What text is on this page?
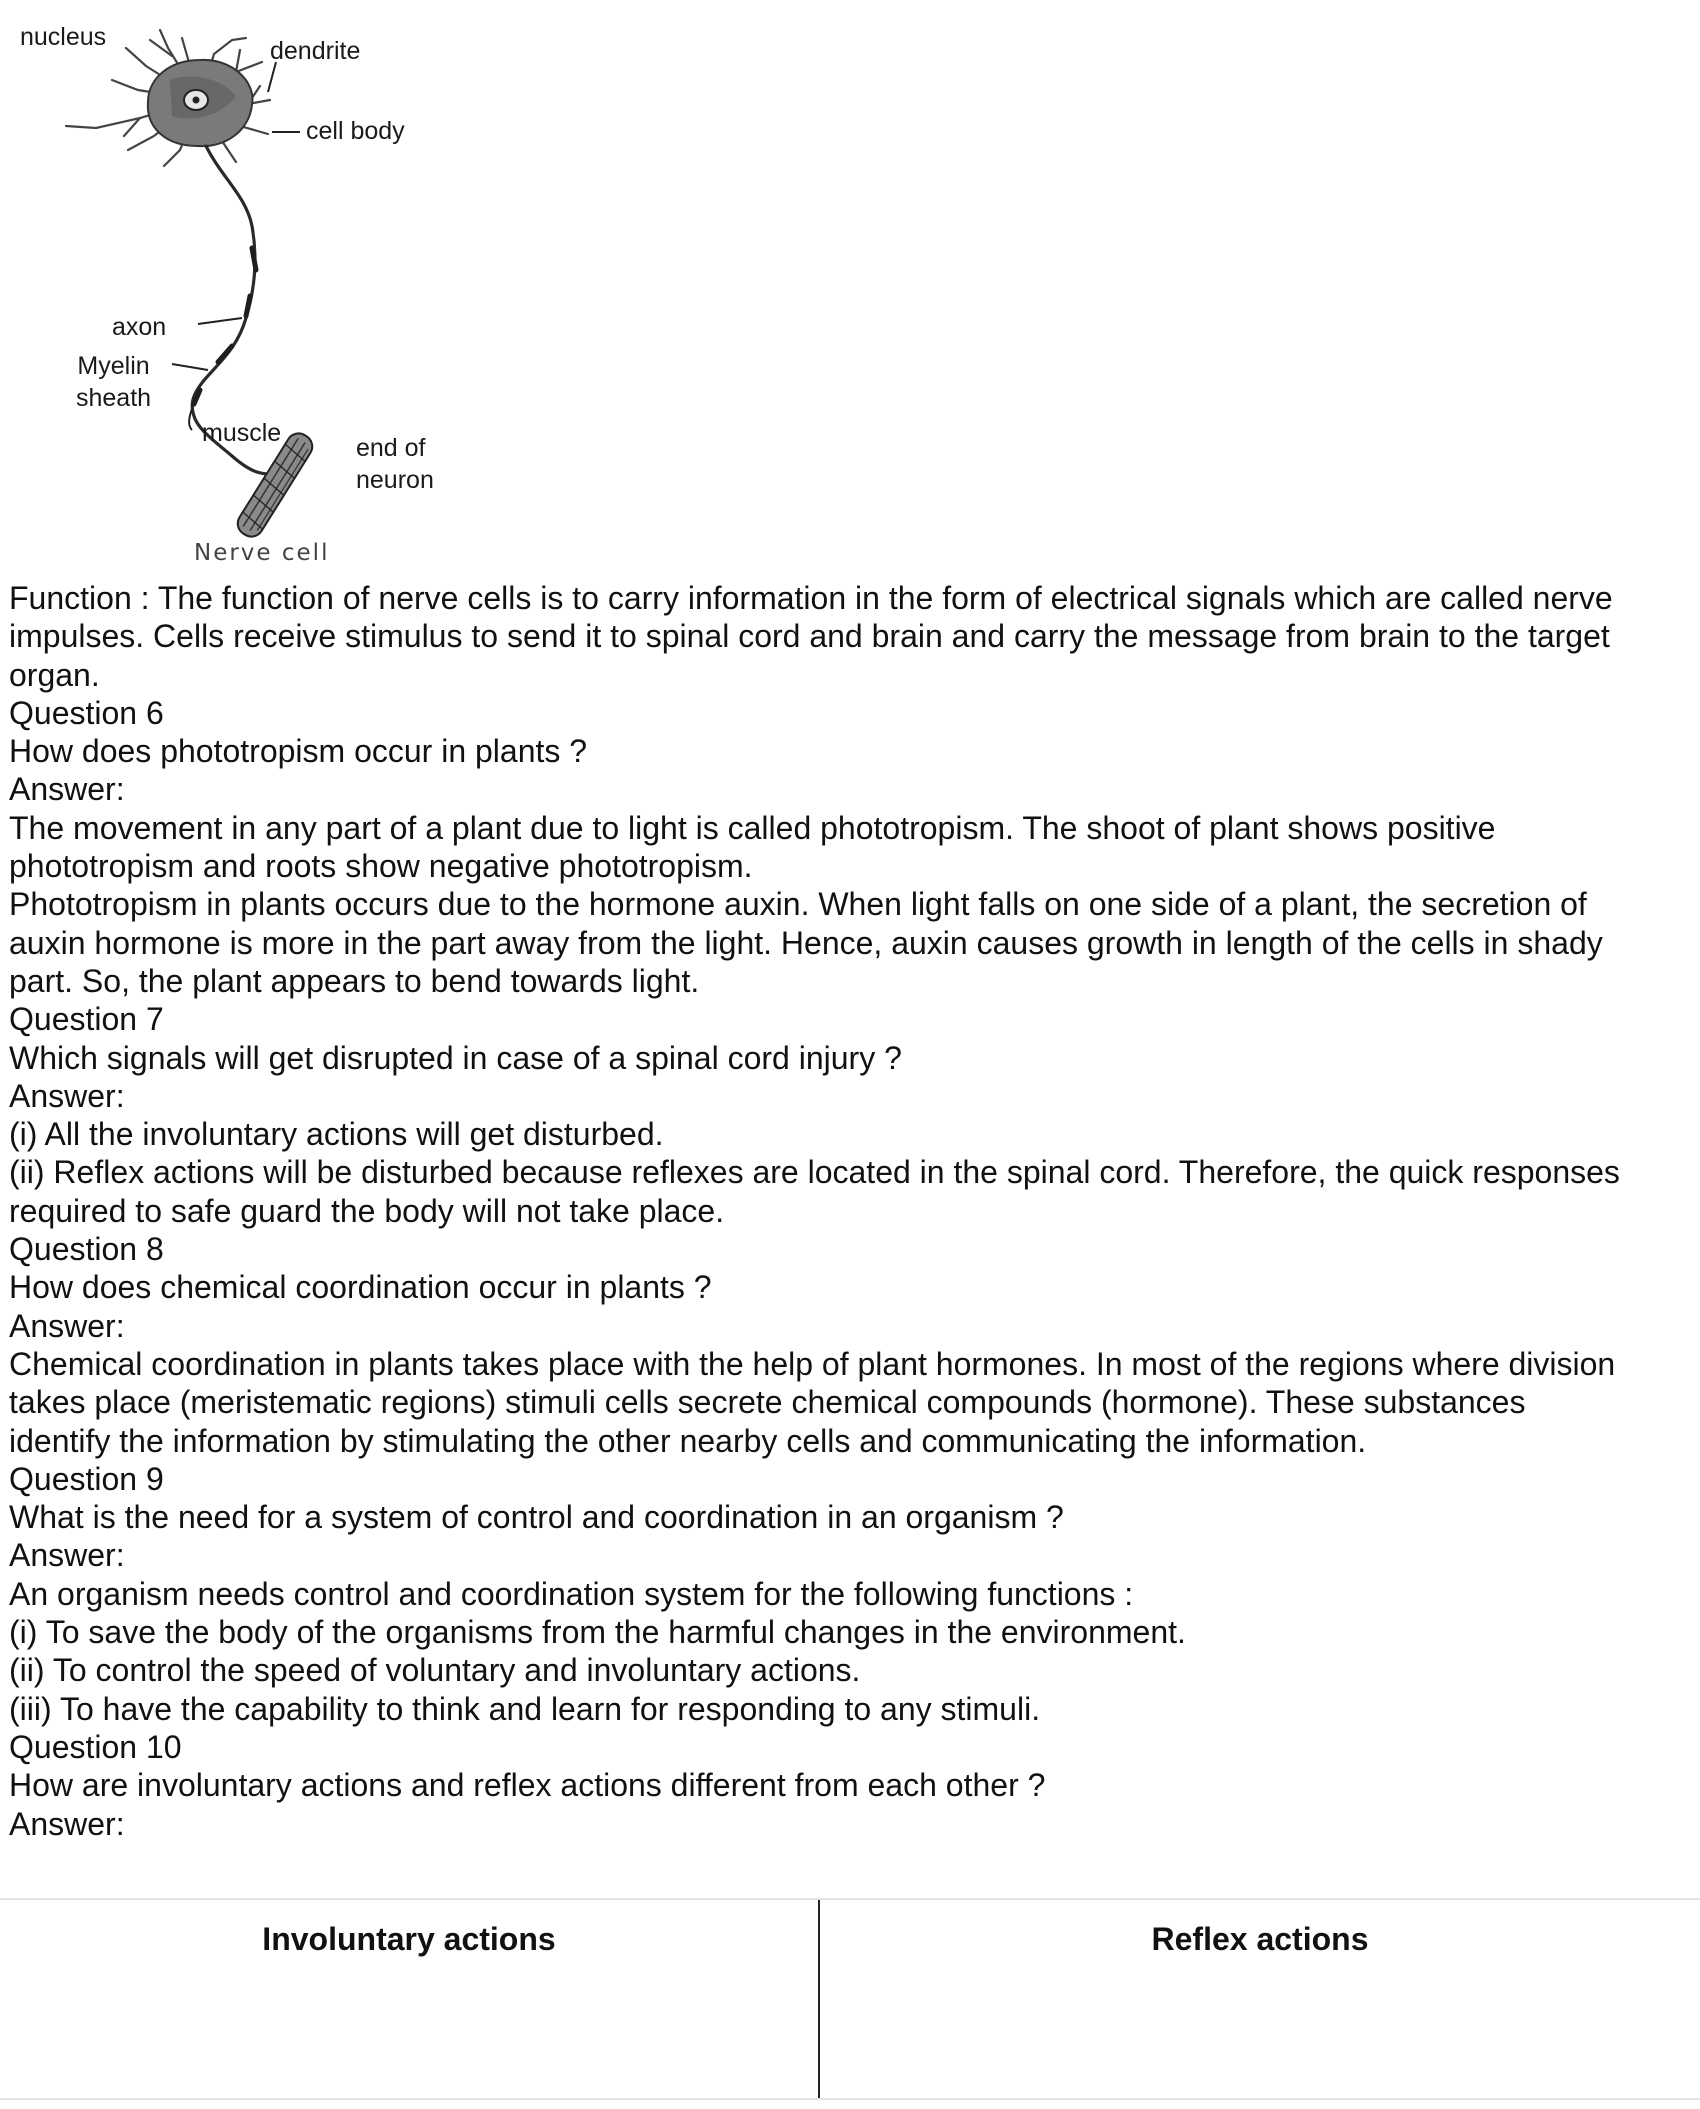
nucleus	dendrite
cell body
axon
Myelin
sheath
muscle
end of
neuron
Nerve cell
Function : The function of nerve cells is to carry information in the form of electrical signals which are called nerve
impulses. Cells receive stimulus to send it to spinal cord and brain and carry the message from brain to the target
organ.
Question 6
How does phototropism occur in plants ?
Answer:
The movement in any part of a plant due to light is called phototropism. The shoot of plant shows positive
phototropism and roots show negative phototropism.
Phototropism in plants occurs due to the hormone auxin. When light falls on one side of a plant, the secretion of
auxin hormone is more in the part away from the light. Hence, auxin causes growth in length of the cells in shady
part. So, the plant appears to bend towards light.
Question 7
Which signals will get disrupted in case of a spinal cord injury ?
Answer:
(i) All the involuntary actions will get disturbed.
(ii) Reflex actions will be disturbed because reflexes are located in the spinal cord. Therefore, the quick responses
required to safe guard the body will not take place.
Question 8
How does chemical coordination occur in plants ?
Answer:
Chemical coordination in plants takes place with the help of plant hormones. In most of the regions where division
takes place (meristematic regions) stimuli cells secrete chemical compounds (hormone). These substances
identify the information by stimulating the other nearby cells and communicating the information.
Question 9
What is the need for a system of control and coordination in an organism ?
Answer:
An organism needs control and coordination system for the following functions :
(i) To save the body of the organisms from the harmful changes in the environment.
(ii) To control the speed of voluntary and involuntary actions.
(iii) To have the capability to think and learn for responding to any stimuli.
Question 10
How are involuntary actions and reflex actions different from each other ?
Answer:
Involuntary actions	Reflex actions
